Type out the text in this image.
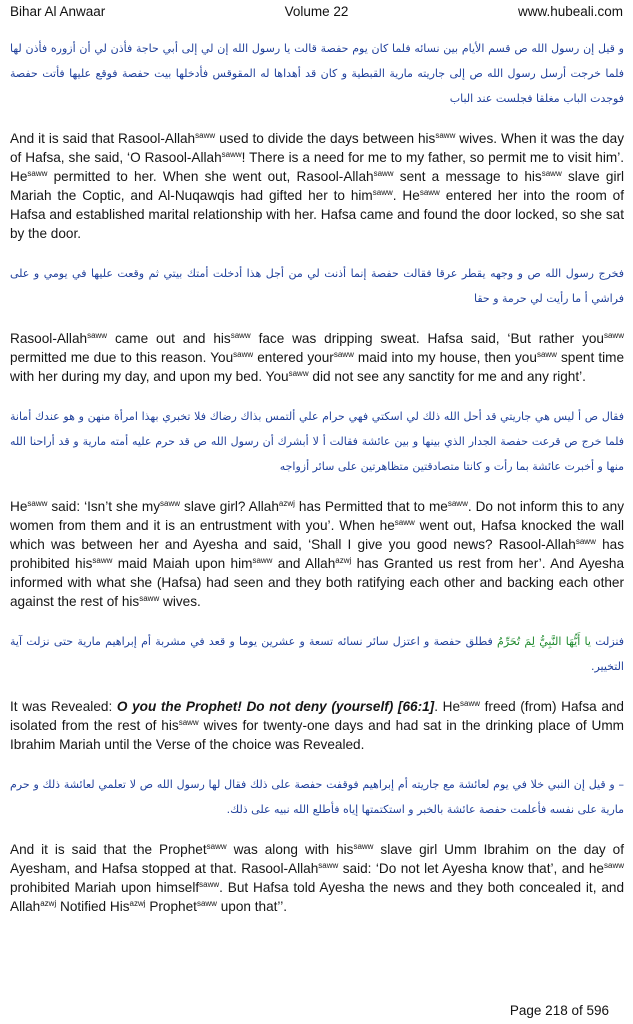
Bihar Al Anwaar	Volume 22	www.hubeali.com

و قيل إن رسول الله ص قسم الأيام بين نسائه فلما كان يوم حفصة قالت يا رسول الله إن لي إلى أبي حاجة فأذن لي أن أزوره فأذن لها فلما خرجت أرسل رسول الله ص إلى جاريته مارية القبطية و كان قد أهداها له المقوقس فأدخلها بيت حفصة فوقع عليها فأتت حفصة فوجدت الباب مغلقا فجلست عند الباب

And it is said that Rasool-Allah$^{saww}$ used to divide the days between his$^{saww}$ wives. When it was the day of Hafsa, she said, ‘O Rasool-Allah$^{saww}$! There is a need for me to my father, so permit me to visit him’. $He^{saww}$ permitted to her. When she went out, Rasool-Allah$^{saww}$ sent a message to his$^{saww}$ slave girl Mariah the Coptic, and Al-Nuqawqis had gifted her to him$^{saww}$. $He^{saww}$ entered her into the room of Hafsa and established marital relationship with her. Hafsa came and found the door locked, so she sat by the door.

فخرج رسول الله ص و وجهه يقطر عرقا فقالت حفصة إنما أذنت لي من أجل هذا أدخلت أمتك بيتي ثم وقعت عليها في يومي و على فراشي أ ما رأيت لي حرمة و حقا

Rasool-Allah$^{saww}$ came out and his$^{saww}$ face was dripping sweat. Hafsa said, ‘But rather you$^{saww}$ permitted me due to this reason. You$^{saww}$ entered your$^{saww}$ maid into my house, then you$^{saww}$ spent time with her during my day, and upon my bed. You$^{saww}$ did not see any sanctity for me and any right’.

فقال ص أ ليس هي جاريتي قد أحل الله ذلك لي اسكتي فهي حرام علي ألتمس بذاك رضاك فلا تخبري بهذا امرأة منهن و هو عندك أمانة فلما خرج ص قرعت حفصة الجدار الذي بينها و بين عائشة فقالت أ لا أبشرك أن رسول الله ص قد حرم عليه أمته مارية و قد أراحنا الله منها و أخبرت عائشة بما رأت و كانتا متصادقتين متظاهرتين على سائر أزواجه

$He^{saww}$ said: ‘Isn’t she $my^{saww}$ slave girl? Allah$^{azwj}$ has Permitted that to $me^{saww}$. Do not inform this to any women from them and it is an entrustment with you’. When $he^{saww}$ went out, Hafsa knocked the wall which was between her and Ayesha and said, ‘Shall I give you good news? Rasool-Allah$^{saww}$ has prohibited his$^{saww}$ maid Maiah upon him$^{saww}$ and Allah$^{azwj}$ has Granted us rest from her’. And Ayesha informed with what she (Hafsa) had seen and they both ratifying each other and backing each other against the rest of his$^{saww}$ wives.

فنزلت يا أَيُّهَا النَّبِيُّ لِمَ تُحَرِّمُ فطلق حفصة و اعتزل سائر نسائه تسعة و عشرين يوما و قعد في مشربة أم إبراهيم مارية حتى نزلت آية التخيير.

It was Revealed: O you the Prophet! Do not deny (yourself) [66:1]. $He^{saww}$ freed (from) Hafsa and isolated from the rest of his$^{saww}$ wives for twenty-one days and had sat in the drinking place of Umm Ibrahim Mariah until the Verse of the choice was Revealed.

– و قيل إن النبي خلا في يوم لعائشة مع جاريته أم إبراهيم فوقفت حفصة على ذلك فقال لها رسول الله ص لا تعلمي لعائشة ذلك و حرم مارية على نفسه فأعلمت حفصة عائشة بالخبر و استكتمتها إياه فأطلع الله نبيه على ذلك.

And it is said that the Prophet$^{saww}$ was along with his$^{saww}$ slave girl Umm Ibrahim on the day of Ayesham, and Hafsa stopped at that. Rasool-Allah$^{saww}$ said: ‘Do not let Ayesha know that’, and $he^{saww}$ prohibited Mariah upon himself$^{saww}$. But Hafsa told Ayesha the news and they both concealed it, and Allah$^{azwj}$ Notified His$^{azwj}$ Prophet$^{saww}$ upon that’’.

Page 218 of 596
